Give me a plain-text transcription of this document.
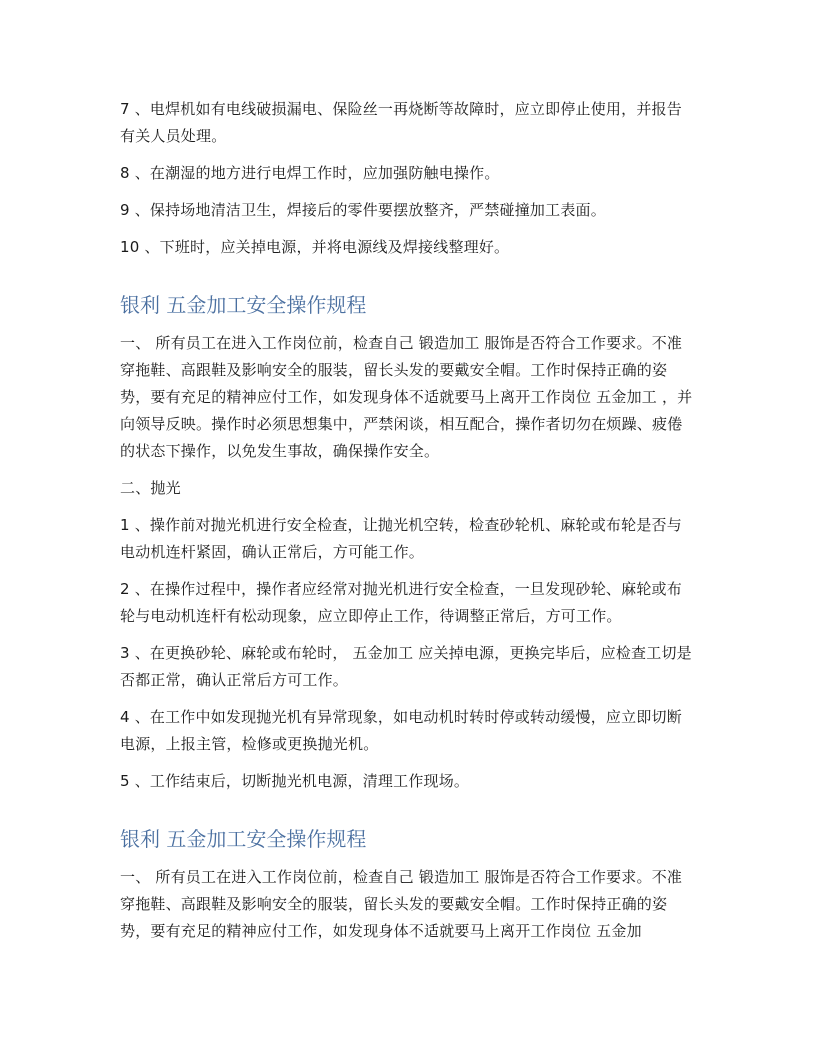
7 、电焊机如有电线破损漏电、保险丝一再烧断等故障时，应立即停止使用，并报告有关人员处理。

8 、在潮湿的地方进行电焊工作时，应加强防触电操作。

9 、保持场地清洁卫生，焊接后的零件要摆放整齐，严禁碰撞加工表面。

10 、下班时，应关掉电源，并将电源线及焊接线整理好。

银利 五金加工安全操作规程

一、 所有员工在进入工作岗位前，检查自己 锻造加工 服饰是否符合工作要求。不准穿拖鞋、高跟鞋及影响安全的服装，留长头发的要戴安全帽。工作时保持正确的姿势，要有充足的精神应付工作，如发现身体不适就要马上离开工作岗位 五金加工 ，并向领导反映。操作时必须思想集中，严禁闲谈，相互配合，操作者切勿在烦躁、疲倦的状态下操作，以免发生事故，确保操作安全。

二、抛光

1 、操作前对抛光机进行安全检查，让抛光机空转，检查砂轮机、麻轮或布轮是否与电动机连杆紧固，确认正常后，方可能工作。

2 、在操作过程中，操作者应经常对抛光机进行安全检查，一旦发现砂轮、麻轮或布轮与电动机连杆有松动现象，应立即停止工作，待调整正常后，方可工作。

3 、在更换砂轮、麻轮或布轮时， 五金加工 应关掉电源，更换完毕后，应检查工切是否都正常，确认正常后方可工作。

4 、在工作中如发现抛光机有异常现象，如电动机时转时停或转动缓慢，应立即切断电源，上报主管，检修或更换抛光机。

5 、工作结束后，切断抛光机电源，清理工作现场。

银利 五金加工安全操作规程

一、 所有员工在进入工作岗位前，检查自己 锻造加工 服饰是否符合工作要求。不准穿拖鞋、高跟鞋及影响安全的服装，留长头发的要戴安全帽。工作时保持正确的姿势，要有充足的精神应付工作，如发现身体不适就要马上离开工作岗位 五金加
